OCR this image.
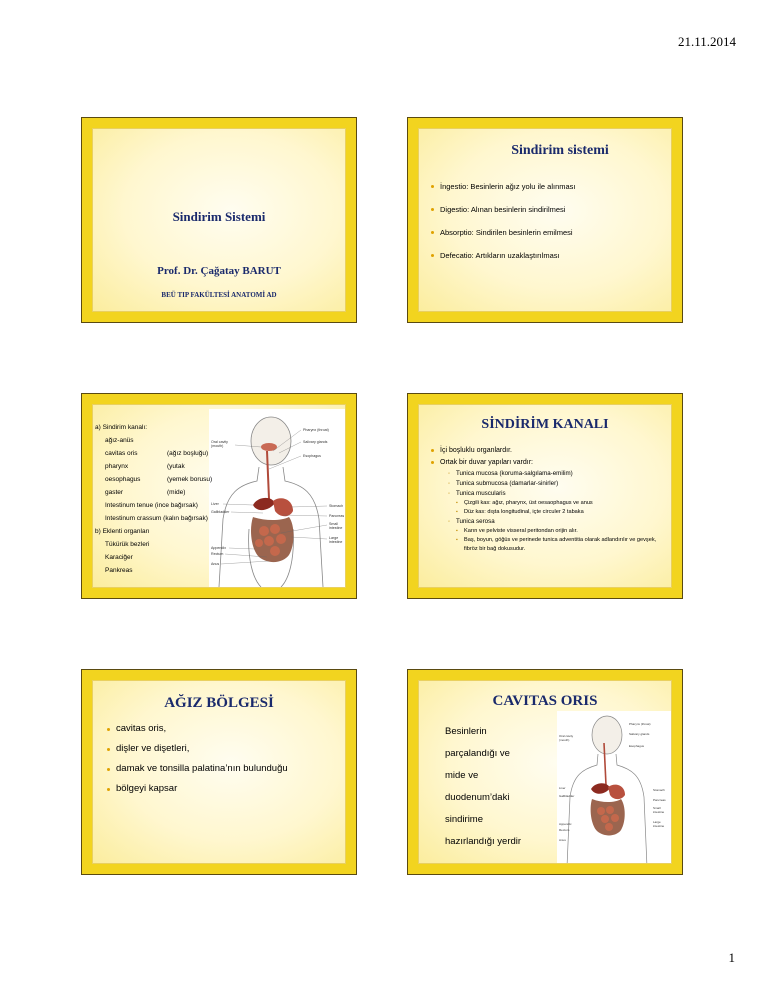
21.11.2014
Sindirim Sistemi
Prof. Dr. Çağatay BARUT
BEÜ TIP FAKÜLTESİ ANATOMİ AD
Sindirim sistemi
İngestio: Besinlerin ağız yolu ile alınması
Digestio: Alınan besinlerin sindirilmesi
Absorptio: Sindirilen besinlerin emilmesi
Defecatio: Artıkların uzaklaştırılması
Oral cavity
(mouth)
Liver
Gallbladder
Appendix
Rectum
Anus
Pharynx (throat)
Salivary glands
Esophagus
Stomach
Pancreas
Small
intestine
Large
intestine
a) Sindirim kanalı:
ağız-anüs
cavitas oris	(ağız boşluğu)
pharynx	(yutak
oesophagus	(yemek borusu)
gaster	(mide)
Intestinum tenue (ince bağırsak)
Intestinum crassum (kalın bağırsak)
b) Eklenti organları
Tükürük bezleri
Karaciğer
Pankreas
SİNDİRİM KANALI
İçi boşluklu organlardır.
Ortak bir duvar yapıları vardır:
◦ Tunica mucosa (koruma-salgılama-emilim)
◦ Tunica submucosa (damarlar-sinirler)
◦ Tunica muscularis
▪ Çizgili kas: ağız, pharynx, üst oesaophagus ve anus
▪ Düz kas: dışta longitudinal, içte circuler 2 tabaka
◦ Tunica serosa
▪ Karın ve pelviste visseral peritondan orijin alır.
▪ Baş, boyun, göğüs ve perinede tunica adventitia olarak adlandırılır ve gevşek, fibröz bir bağ dokusudur.
AĞIZ BÖLGESİ
cavitas oris,
dişler ve dişetleri,
damak ve tonsilla palatina’nın bulunduğu
bölgeyi kapsar
CAVITAS ORIS
Oral cavity
(mouth)
Liver
Gallbladder
Appendix
Rectum
Anus
Pharynx (throat)
Salivary glands
Esophagus
Stomach
Pancreas
Small
intestine
Large
intestine
Besinlerin
parçalandığı ve
mide ve
duodenum’daki
sindirime
hazırlandığı yerdir
1
